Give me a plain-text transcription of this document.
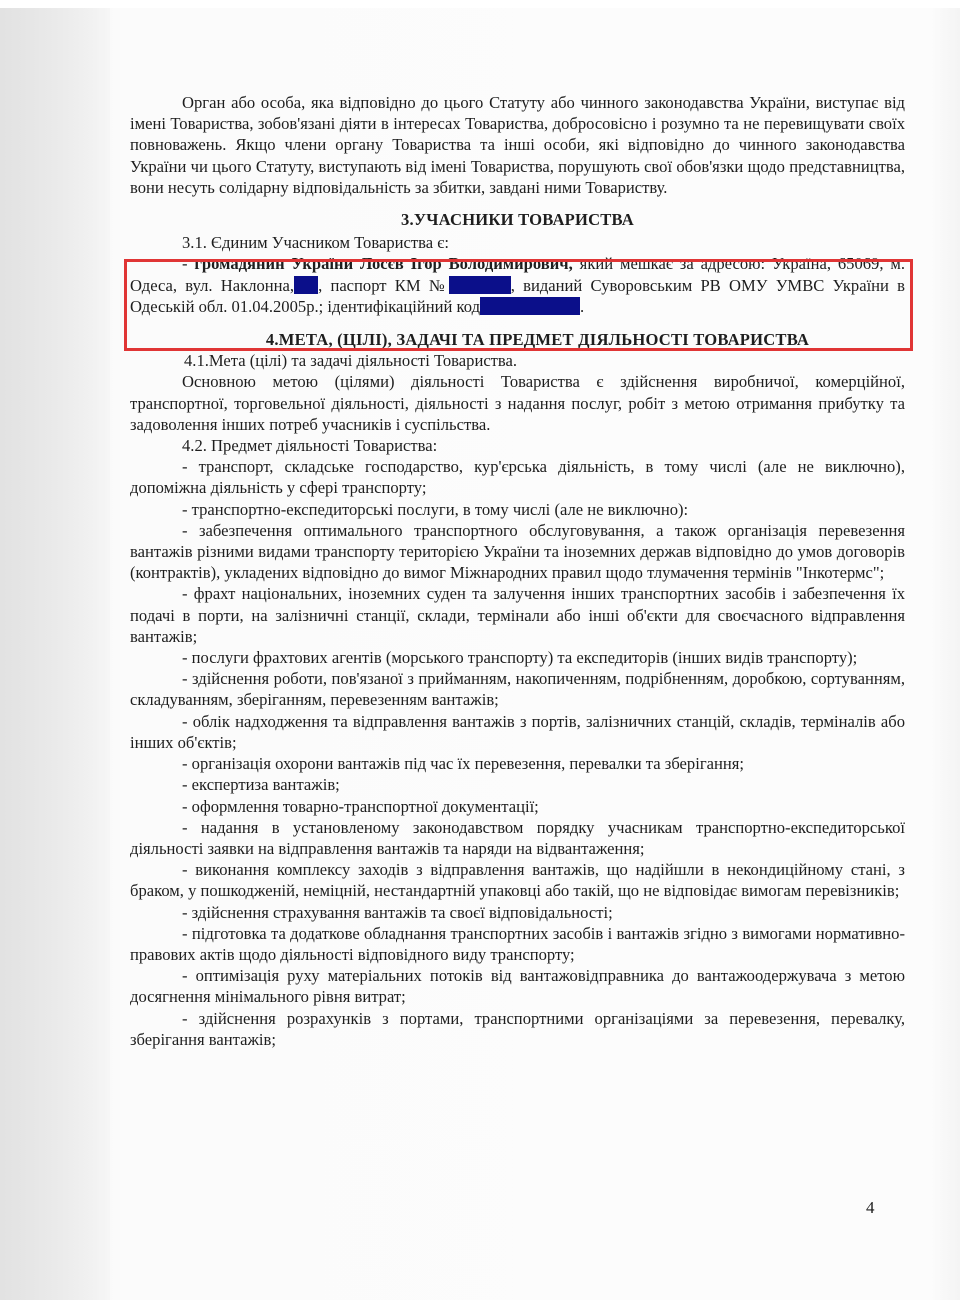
Орган або особа, яка відповідно до цього Статуту або чинного законодавства України, виступає від імені Товариства, зобов'язані діяти в інтересах Товариства, добросовісно і розумно та не перевищувати своїх повноважень. Якщо члени органу Товариства та інші особи, які відповідно до чинного законодавства України чи цього Статуту, виступають від імені Товариства, порушують свої обов'язки щодо представництва, вони несуть солідарну відповідальність за збитки, завдані ними Товариству.

3.УЧАСНИКИ ТОВАРИСТВА

3.1. Єдиним Учасником Товариства є:

- громадянин України Лосєв Ігор Володимирович, який мешкає за адресою: Україна, 65069, м. Одеса, вул. Наклонна, , паспорт КМ №	, виданий Суворовським РВ ОМУ УМВС України в Одеській обл. 01.04.2005р.; ідентифікаційний код	.

4.МЕТА, (ЦІЛІ), ЗАДАЧІ ТА ПРЕДМЕТ ДІЯЛЬНОСТІ ТОВАРИСТВА

4.1.Мета (цілі) та задачі діяльності Товариства.

Основною метою (цілями) діяльності Товариства є здійснення виробничої, комерційної, транспортної, торговельної діяльності, діяльності з надання послуг, робіт з метою отримання прибутку та задоволення інших потреб учасників і суспільства.

4.2. Предмет діяльності Товариства:

- транспорт, складське господарство, кур'єрська діяльність, в тому числі (але не виключно), допоміжна діяльність у сфері транспорту;

- транспортно-експедиторські послуги, в тому числі (але не виключно):

- забезпечення оптимального транспортного обслуговування, а також організація перевезення вантажів різними видами транспорту територією України та іноземних держав відповідно до умов договорів (контрактів), укладених відповідно до вимог Міжнародних правил щодо тлумачення термінів "Інкотермс";

- фрахт національних, іноземних суден та залучення інших транспортних засобів і забезпечення їх подачі в порти, на залізничні станції, склади, термінали або інші об'єкти для своєчасного відправлення вантажів;

- послуги фрахтових агентів (морського транспорту) та експедиторів (інших видів транспорту);

- здійснення роботи, пов'язаної з прийманням, накопиченням, подрібненням, доробкою, сортуванням, складуванням, зберіганням, перевезенням вантажів;

- облік надходження та відправлення вантажів з портів, залізничних станцій, складів, терміналів або інших об'єктів;

- організація охорони вантажів під час їх перевезення, перевалки та зберігання;

- експертиза вантажів;

- оформлення товарно-транспортної документації;

- надання в установленому законодавством порядку учасникам транспортно-експедиторської діяльності заявки на відправлення вантажів та наряди на відвантаження;

- виконання комплексу заходів з відправлення вантажів, що надійшли в некондиційному стані, з браком, у пошкодженій, неміцній, нестандартній упаковці або такій, що не відповідає вимогам перевізників;

- здійснення страхування вантажів та своєї відповідальності;

- підготовка та додаткове обладнання транспортних засобів і вантажів згідно з вимогами нормативно-правових актів щодо діяльності відповідного виду транспорту;

- оптимізація руху матеріальних потоків від вантажовідправника до вантажоодержувача з метою досягнення мінімального рівня витрат;

- здійснення розрахунків з портами, транспортними організаціями за перевезення, перевалку, зберігання вантажів;

4
